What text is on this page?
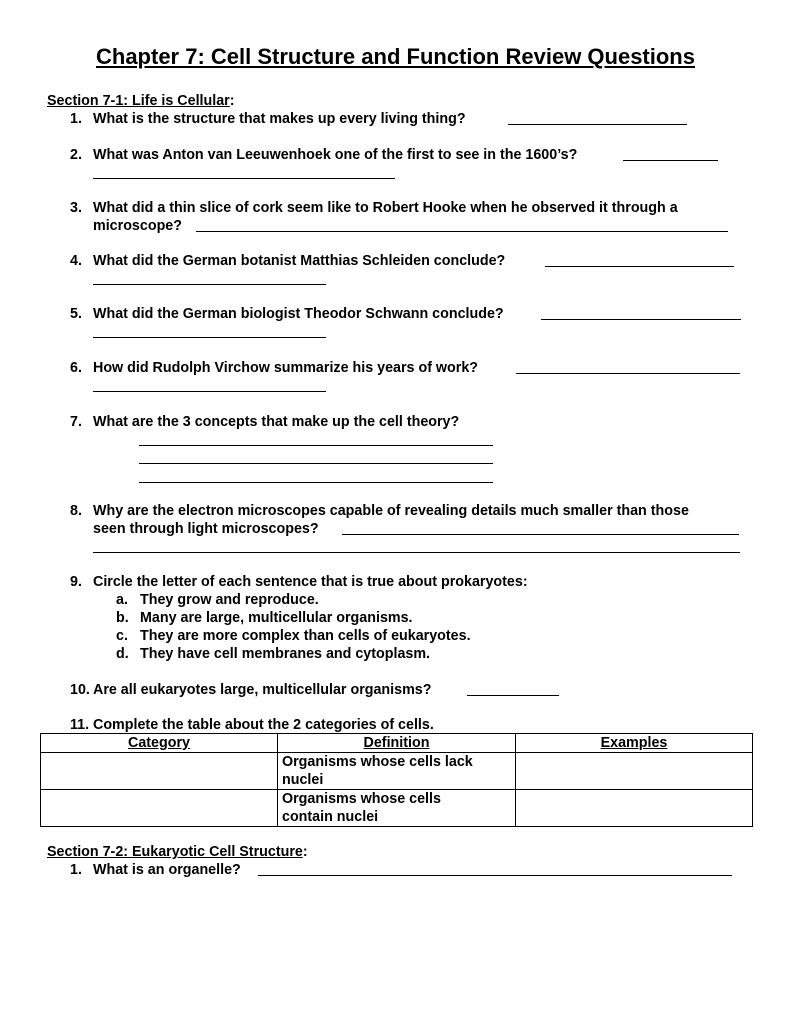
Chapter 7: Cell Structure and Function Review Questions
Section 7-1: Life is Cellular:
1. What is the structure that makes up every living thing?
2. What was Anton van Leeuwenhoek one of the first to see in the 1600’s?
3. What did a thin slice of cork seem like to Robert Hooke when he observed it through a
microscope?
4. What did the German botanist Matthias Schleiden conclude?
5. What did the German biologist Theodor Schwann conclude?
6. How did Rudolph Virchow summarize his years of work?
7. What are the 3 concepts that make up the cell theory?
8. Why are the electron microscopes capable of revealing details much smaller than those
seen through light microscopes?
9. Circle the letter of each sentence that is true about prokaryotes:
a. They grow and reproduce.
b. Many are large, multicellular organisms.
c. They are more complex than cells of eukaryotes.
d. They have cell membranes and cytoplasm.
10. Are all eukaryotes large, multicellular organisms?
11. Complete the table about the 2 categories of cells.
Category	Definition	Examples

	Organisms whose cells lack
nuclei	

	Organisms whose cells
contain nuclei	

Section 7-2: Eukaryotic Cell Structure:
1. What is an organelle?
